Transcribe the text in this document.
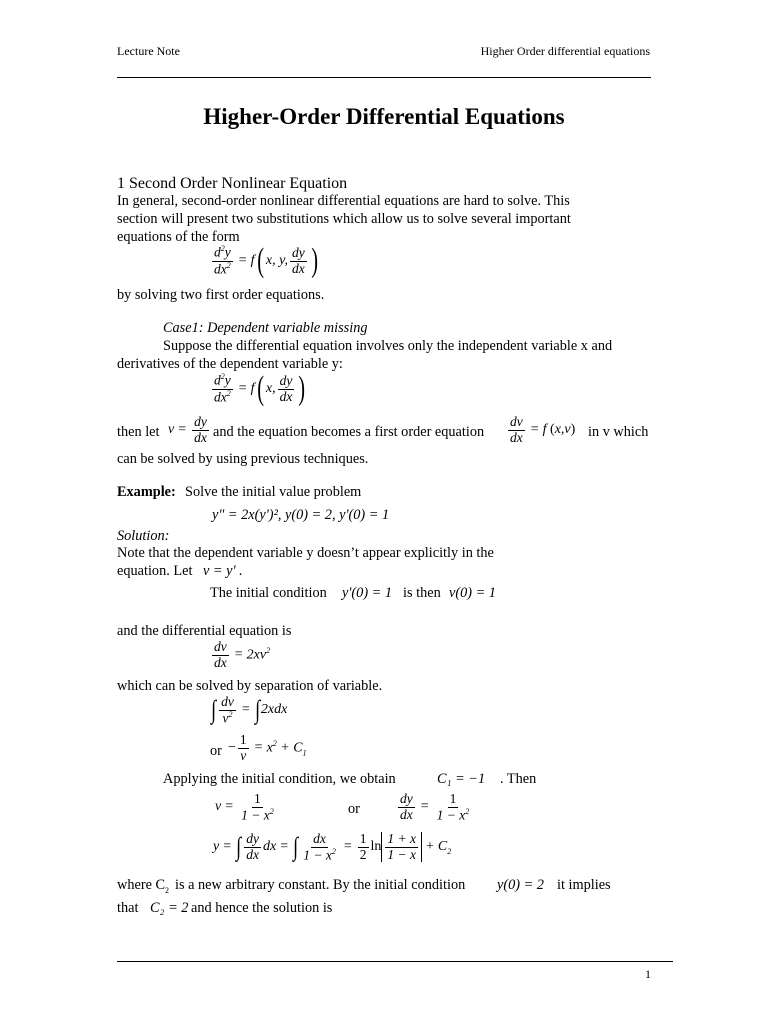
Lecture Note	Higher Order differential equations
Higher-Order Differential Equations
1 Second Order Nonlinear Equation
In general, second-order nonlinear differential equations are hard to solve. This
section will present two substitutions which allow us to solve several important
equations of the form
$\frac{d^2y}{dx^2} = f$ ( x, y, $\frac{dy}{dx}$ )
by solving two first order equations.
Case1: Dependent variable missing
Suppose the differential equation involves only the independent variable x and
derivatives of the dependent variable y:
$\frac{d^2y}{dx^2} = f$ ( x, $\frac{dy}{dx}$ )
then let $v = \frac{dy}{dx}$ and the equation becomes a first order equation $\frac{dv}{dx} = f$ ( x,v ) in v which
can be solved by using previous techniques.
Example: Solve the initial value problem
y" = 2x(y')², y(0) = 2, y'(0) = 1
Solution:
Note that the dependent variable y doesn’t appear explicitly in the
equation. Let v = y' .
The initial condition y'(0) = 1 is then v(0) = 1
and the differential equation is
$\frac{dv}{dx} = 2xv^2$
which can be solved by separation of variable.
∫ $\frac{dv}{v^2}$ = ∫ 2xdx
or − $\frac{1}{v} = x^2 + C_1$
Applying the initial condition, we obtain	C₁ = −1 . Then
$v = \frac{1}{1 - x^2}$	or	$\frac{dy}{dx} = \frac{1}{1 - x^2}$
y = ∫ $\frac{dy}{dx}$ dx = ∫ $\frac{dx}{1 - x^2} = \frac{1}{2}$ $\ln \frac{1 + x}{1 - x} + C_2$
where $C_2$ is a new arbitrary constant. By the initial condition y(0) = 2 it implies
that C₂ = 2 and hence the solution is
1
